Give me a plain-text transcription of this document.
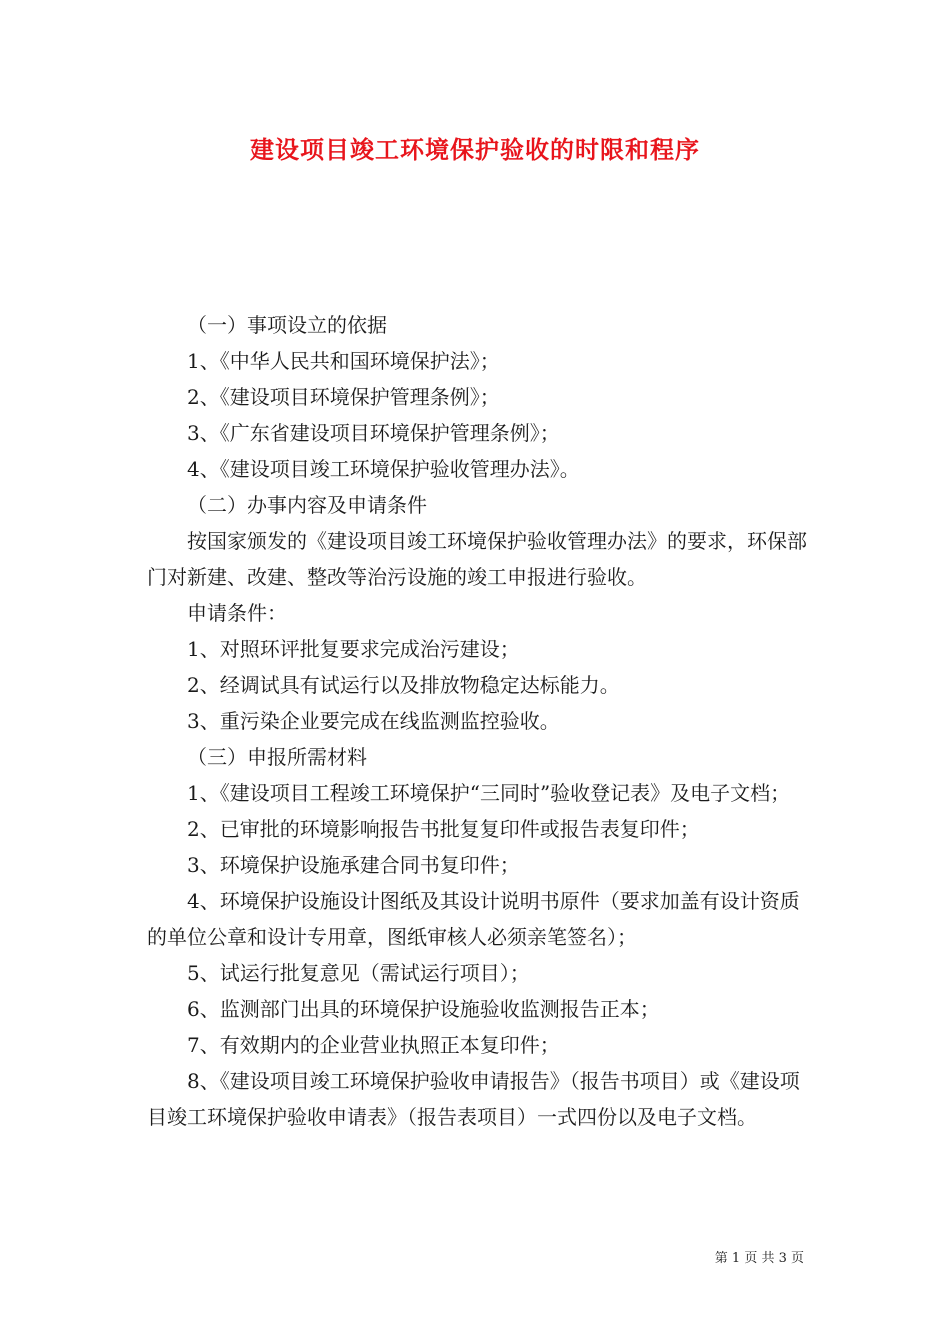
建设项目竣工环境保护验收的时限和程序

（一）事项设立的依据

1、《中华人民共和国环境保护法》；

2、《建设项目环境保护管理条例》；

3、《广东省建设项目环境保护管理条例》；

4、《建设项目竣工环境保护验收管理办法》。

（二）办事内容及申请条件

按国家颁发的《建设项目竣工环境保护验收管理办法》的要求，环保部门对新建、改建、整改等治污设施的竣工申报进行验收。

申请条件：

1、对照环评批复要求完成治污建设；

2、经调试具有试运行以及排放物稳定达标能力。

3、重污染企业要完成在线监测监控验收。

（三）申报所需材料

1、《建设项目工程竣工环境保护“三同时”验收登记表》及电子文档；

2、已审批的环境影响报告书批复复印件或报告表复印件；

3、环境保护设施承建合同书复印件；

4、环境保护设施设计图纸及其设计说明书原件（要求加盖有设计资质的单位公章和设计专用章，图纸审核人必须亲笔签名）；

5、试运行批复意见（需试运行项目）；

6、监测部门出具的环境保护设施验收监测报告正本；

7、有效期内的企业营业执照正本复印件；

8、《建设项目竣工环境保护验收申请报告》（报告书项目）或《建设项目竣工环境保护验收申请表》（报告表项目）一式四份以及电子文档。

第 1 页 共 3 页
